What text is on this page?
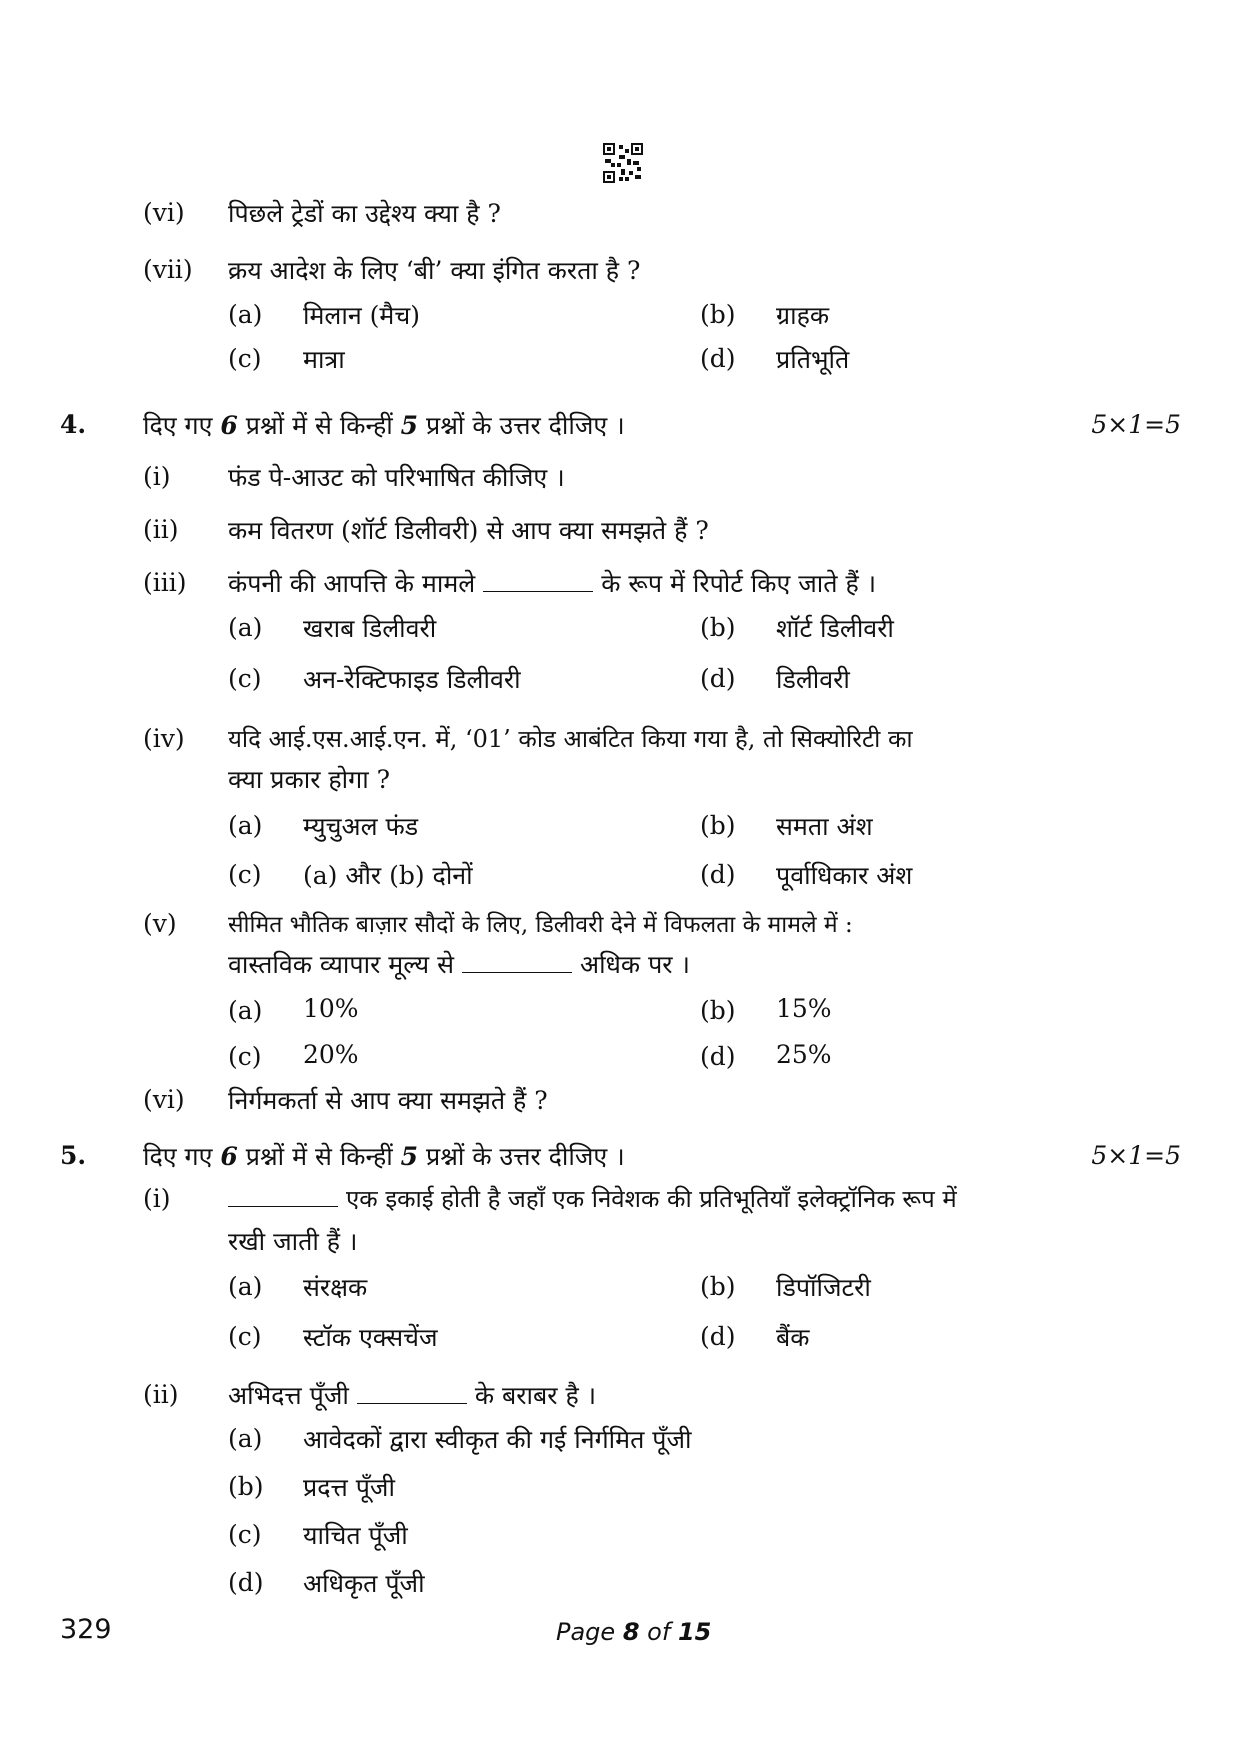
(vi) पिछले ट्रेडों का उद्देश्य क्या है ?
(vii) क्रय आदेश के लिए ‘बी’ क्या इंगित करता है ?
(a) मिलान (मैच)	(b) ग्राहक
(c) मात्रा	(d) प्रतिभूति
4. दिए गए 6 प्रश्नों में से किन्हीं 5 प्रश्नों के उत्तर दीजिए ।	5×1=5
(i) फंड पे-आउट को परिभाषित कीजिए ।
(ii) कम वितरण (शॉर्ट डिलीवरी) से आप क्या समझते हैं ?
(iii) कंपनी की आपत्ति के मामले	के रूप में रिपोर्ट किए जाते हैं ।
(a) खराब डिलीवरी	(b) शॉर्ट डिलीवरी
(c) अन-रेक्टिफाइड डिलीवरी	(d) डिलीवरी
(iv) यदि आई.एस.आई.एन. में, ‘01’ कोड आबंटित किया गया है, तो सिक्योरिटी का
क्या प्रकार होगा ?
(a) म्युचुअल फंड	(b) समता अंश
(c) (a) और (b) दोनों	(d) पूर्वाधिकार अंश
(v) सीमित भौतिक बाज़ार सौदों के लिए, डिलीवरी देने में विफलता के मामले में :
वास्तविक व्यापार मूल्य से	अधिक पर ।
(a) 10%	(b) 15%
(c) 20%	(d) 25%
(vi) निर्गमकर्ता से आप क्या समझते हैं ?
5. दिए गए 6 प्रश्नों में से किन्हीं 5 प्रश्नों के उत्तर दीजिए ।	5×1=5
(i)	एक इकाई होती है जहाँ एक निवेशक की प्रतिभूतियाँ इलेक्ट्रॉनिक रूप में
रखी जाती हैं ।
(a) संरक्षक	(b) डिपॉजिटरी
(c) स्टॉक एक्सचेंज	(d) बैंक
(ii) अभिदत्त पूँजी	के बराबर है ।
(a) आवेदकों द्वारा स्वीकृत की गई निर्गमित पूँजी
(b) प्रदत्त पूँजी
(c) याचित पूँजी
(d) अधिकृत पूँजी
329	Page 8 of 15
